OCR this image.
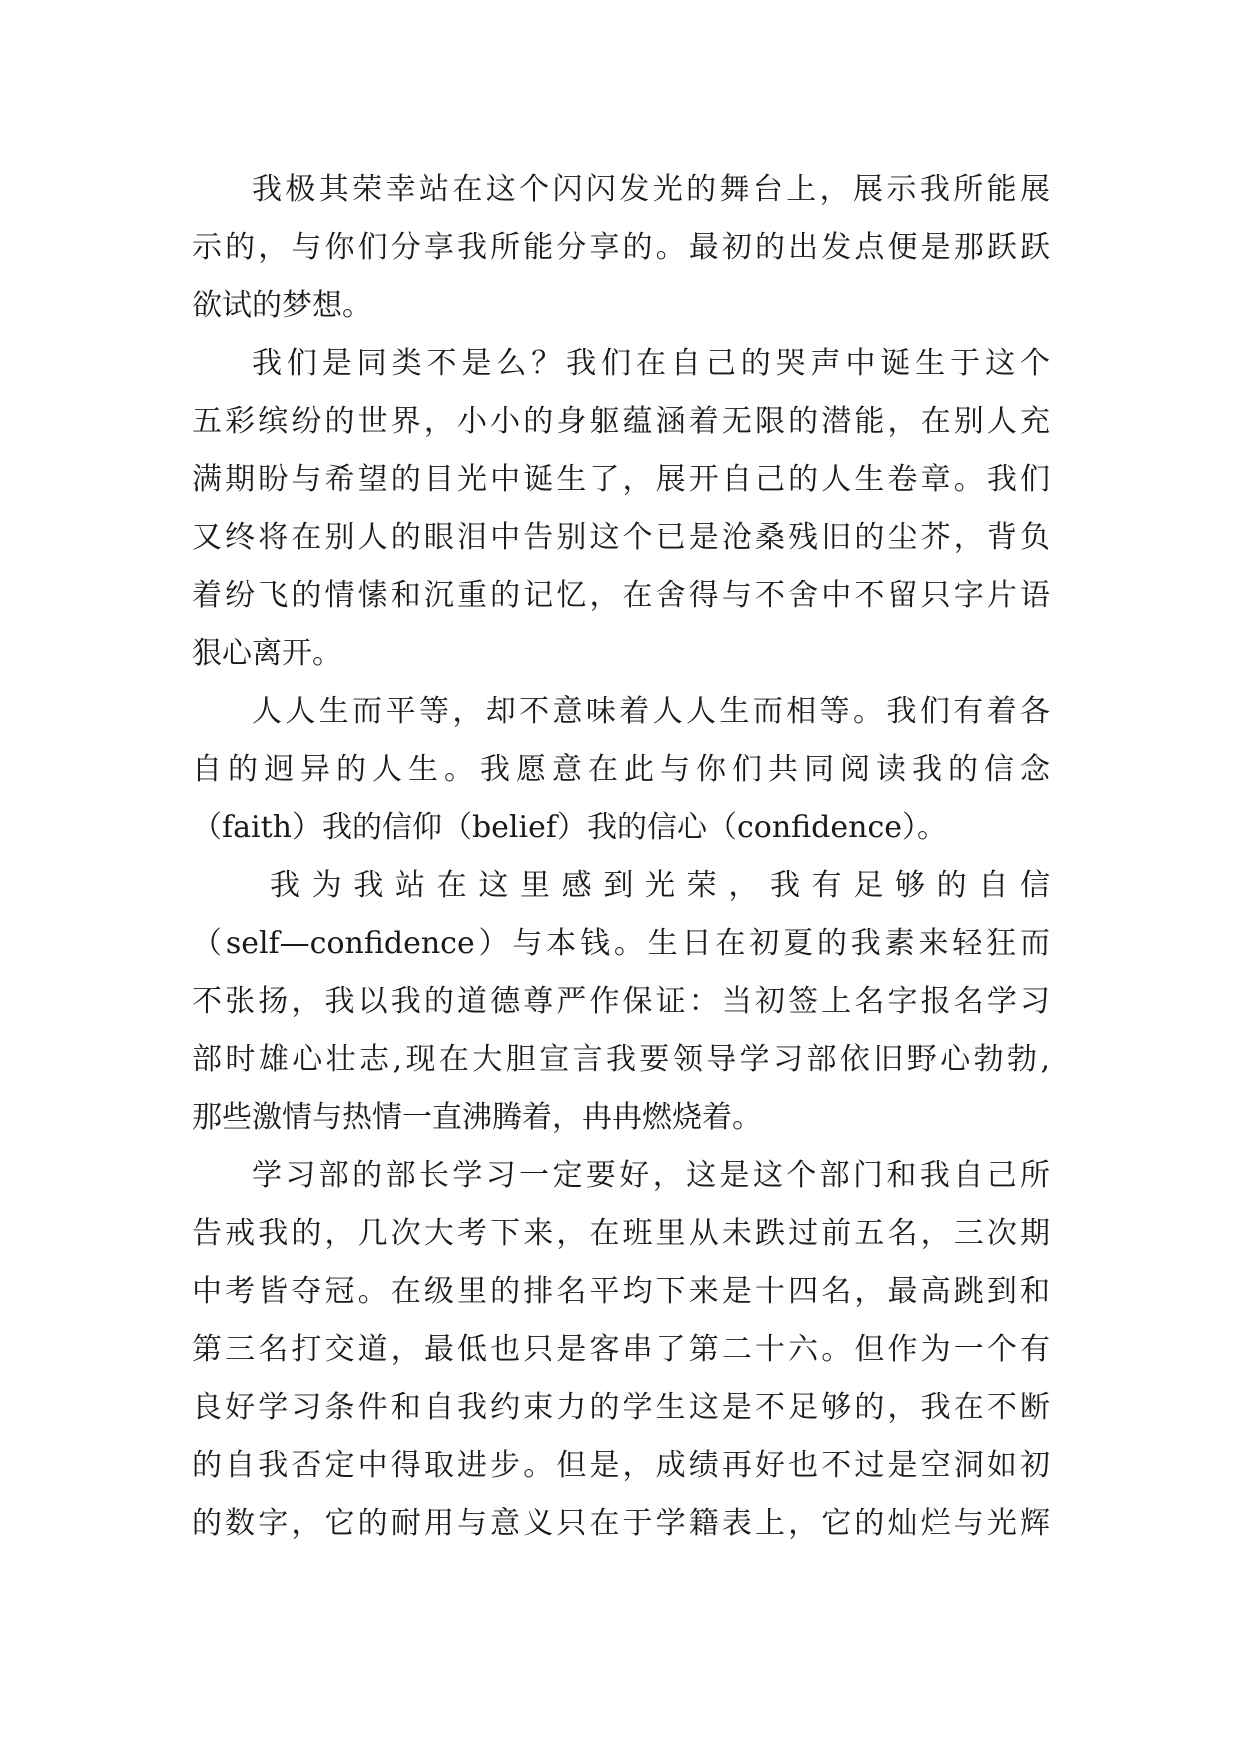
我极其荣幸站在这个闪闪发光的舞台上，展示我所能展
示的，与你们分享我所能分享的。最初的出发点便是那跃跃
欲试的梦想。
我们是同类不是么？我们在自己的哭声中诞生于这个
五彩缤纷的世界，小小的身躯蕴涵着无限的潜能，在别人充
满期盼与希望的目光中诞生了，展开自己的人生卷章。我们
又终将在别人的眼泪中告别这个已是沧桑残旧的尘芥，背负
着纷飞的情愫和沉重的记忆，在舍得与不舍中不留只字片语
狠心离开。
人人生而平等，却不意味着人人生而相等。我们有着各
自的迥异的人生。我愿意在此与你们共同阅读我的信念
（faith）我的信仰（belief）我的信心（confidence）。
我为我站在这里感到光荣，我有足够的自信
（self—confidence）与本钱。生日在初夏的我素来轻狂而
不张扬，我以我的道德尊严作保证：当初签上名字报名学习
部时雄心壮志,现在大胆宣言我要领导学习部依旧野心勃勃,
那些激情与热情一直沸腾着，冉冉燃烧着。
学习部的部长学习一定要好，这是这个部门和我自己所
告戒我的，几次大考下来，在班里从未跌过前五名，三次期
中考皆夺冠。在级里的排名平均下来是十四名，最高跳到和
第三名打交道，最低也只是客串了第二十六。但作为一个有
良好学习条件和自我约束力的学生这是不足够的，我在不断
的自我否定中得取进步。但是，成绩再好也不过是空洞如初
的数字，它的耐用与意义只在于学籍表上，它的灿烂与光辉
